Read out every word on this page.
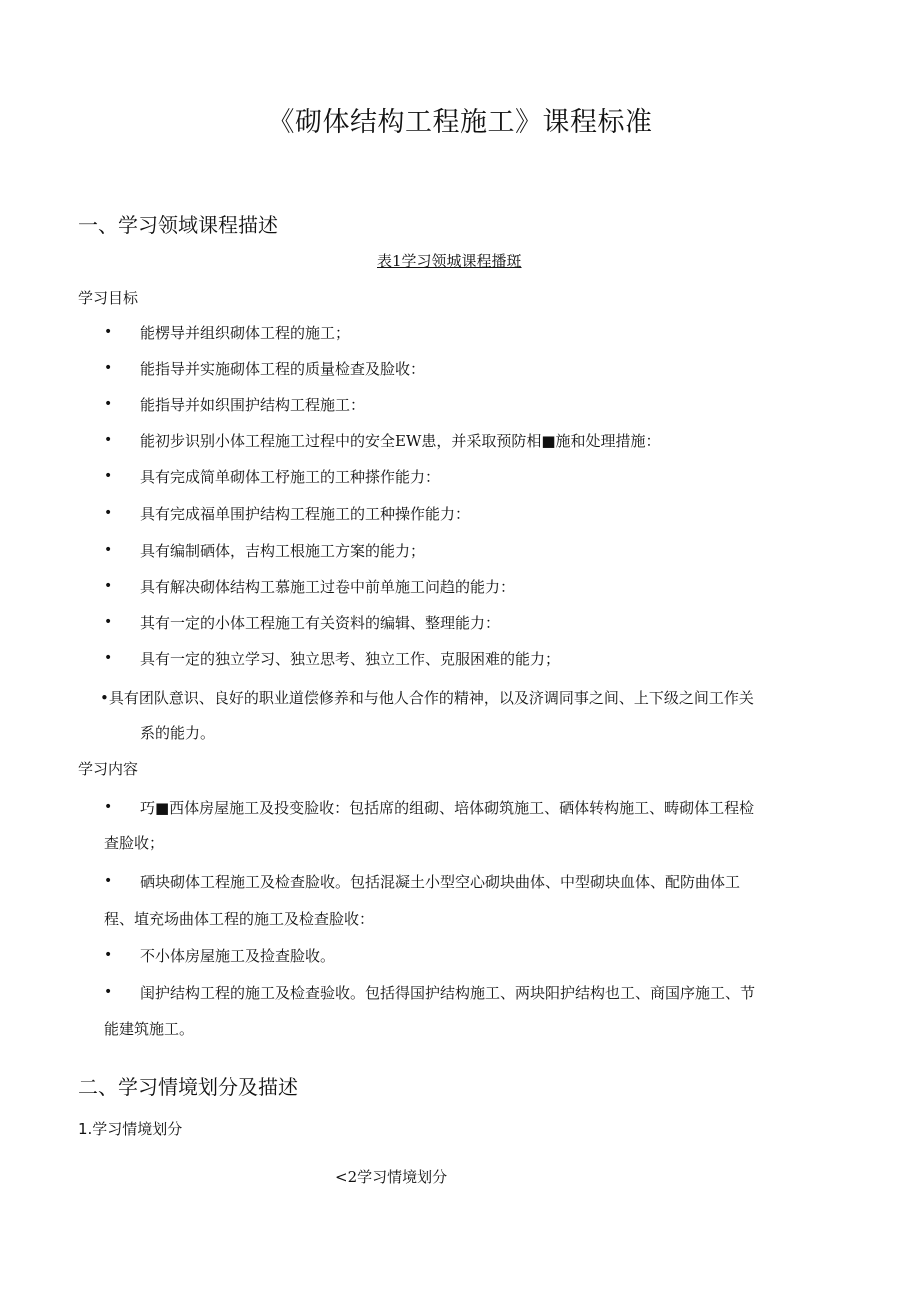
《砌体结构工程施工》课程标准
一、学习领域课程描述
表1学习领城课程播斑
学习目标
• 能楞导并组织砌体工程的施工；
• 能指导并实施砌体工程的质量检查及脸收：
• 能指导并如织围护结构工程施工：
• 能初步识别小体工程施工过程中的安全EW患，并采取预防相■施和处理措施：
• 具有完成简单砌体工杼施工的工种搽作能力：
• 具有完成福单围护结构工程施工的工种操作能力：
• 具有编制硒体，吉构工根施工方案的能力；
• 具有解决砌体结构工慕施工过卷中前单施工问趋的能力：
• 其有一定的小体工程施工有关资料的编辑、整理能力：
• 具有一定的独立学习、独立思考、独立工作、克服困难的能力；
•具有团队意识、良好的职业道偿修养和与他人合作的精神，以及济调同事之间、上下级之间工作关
系的能力。
学习内容
• 巧■西体房屋施工及投变脸收：包括席的组砌、培体砌筑施工、硒体转构施工、畴砌体工程检
查脸收；
• 硒块砌体工程施工及检查脸收。包括混凝土小型空心砌块曲体、中型砌块血体、配防曲体工
程、埴充场曲体工程的施工及检查脸收：
• 不小体房屋施工及捡查脸收。
• 闺护结构工程的施工及检查验收。包括得国护结构施工、两块阳护结构也工、商国序施工、节
能建筑施工。
二、学习情境划分及描述
1.学习情境划分
<2学习情境划分
